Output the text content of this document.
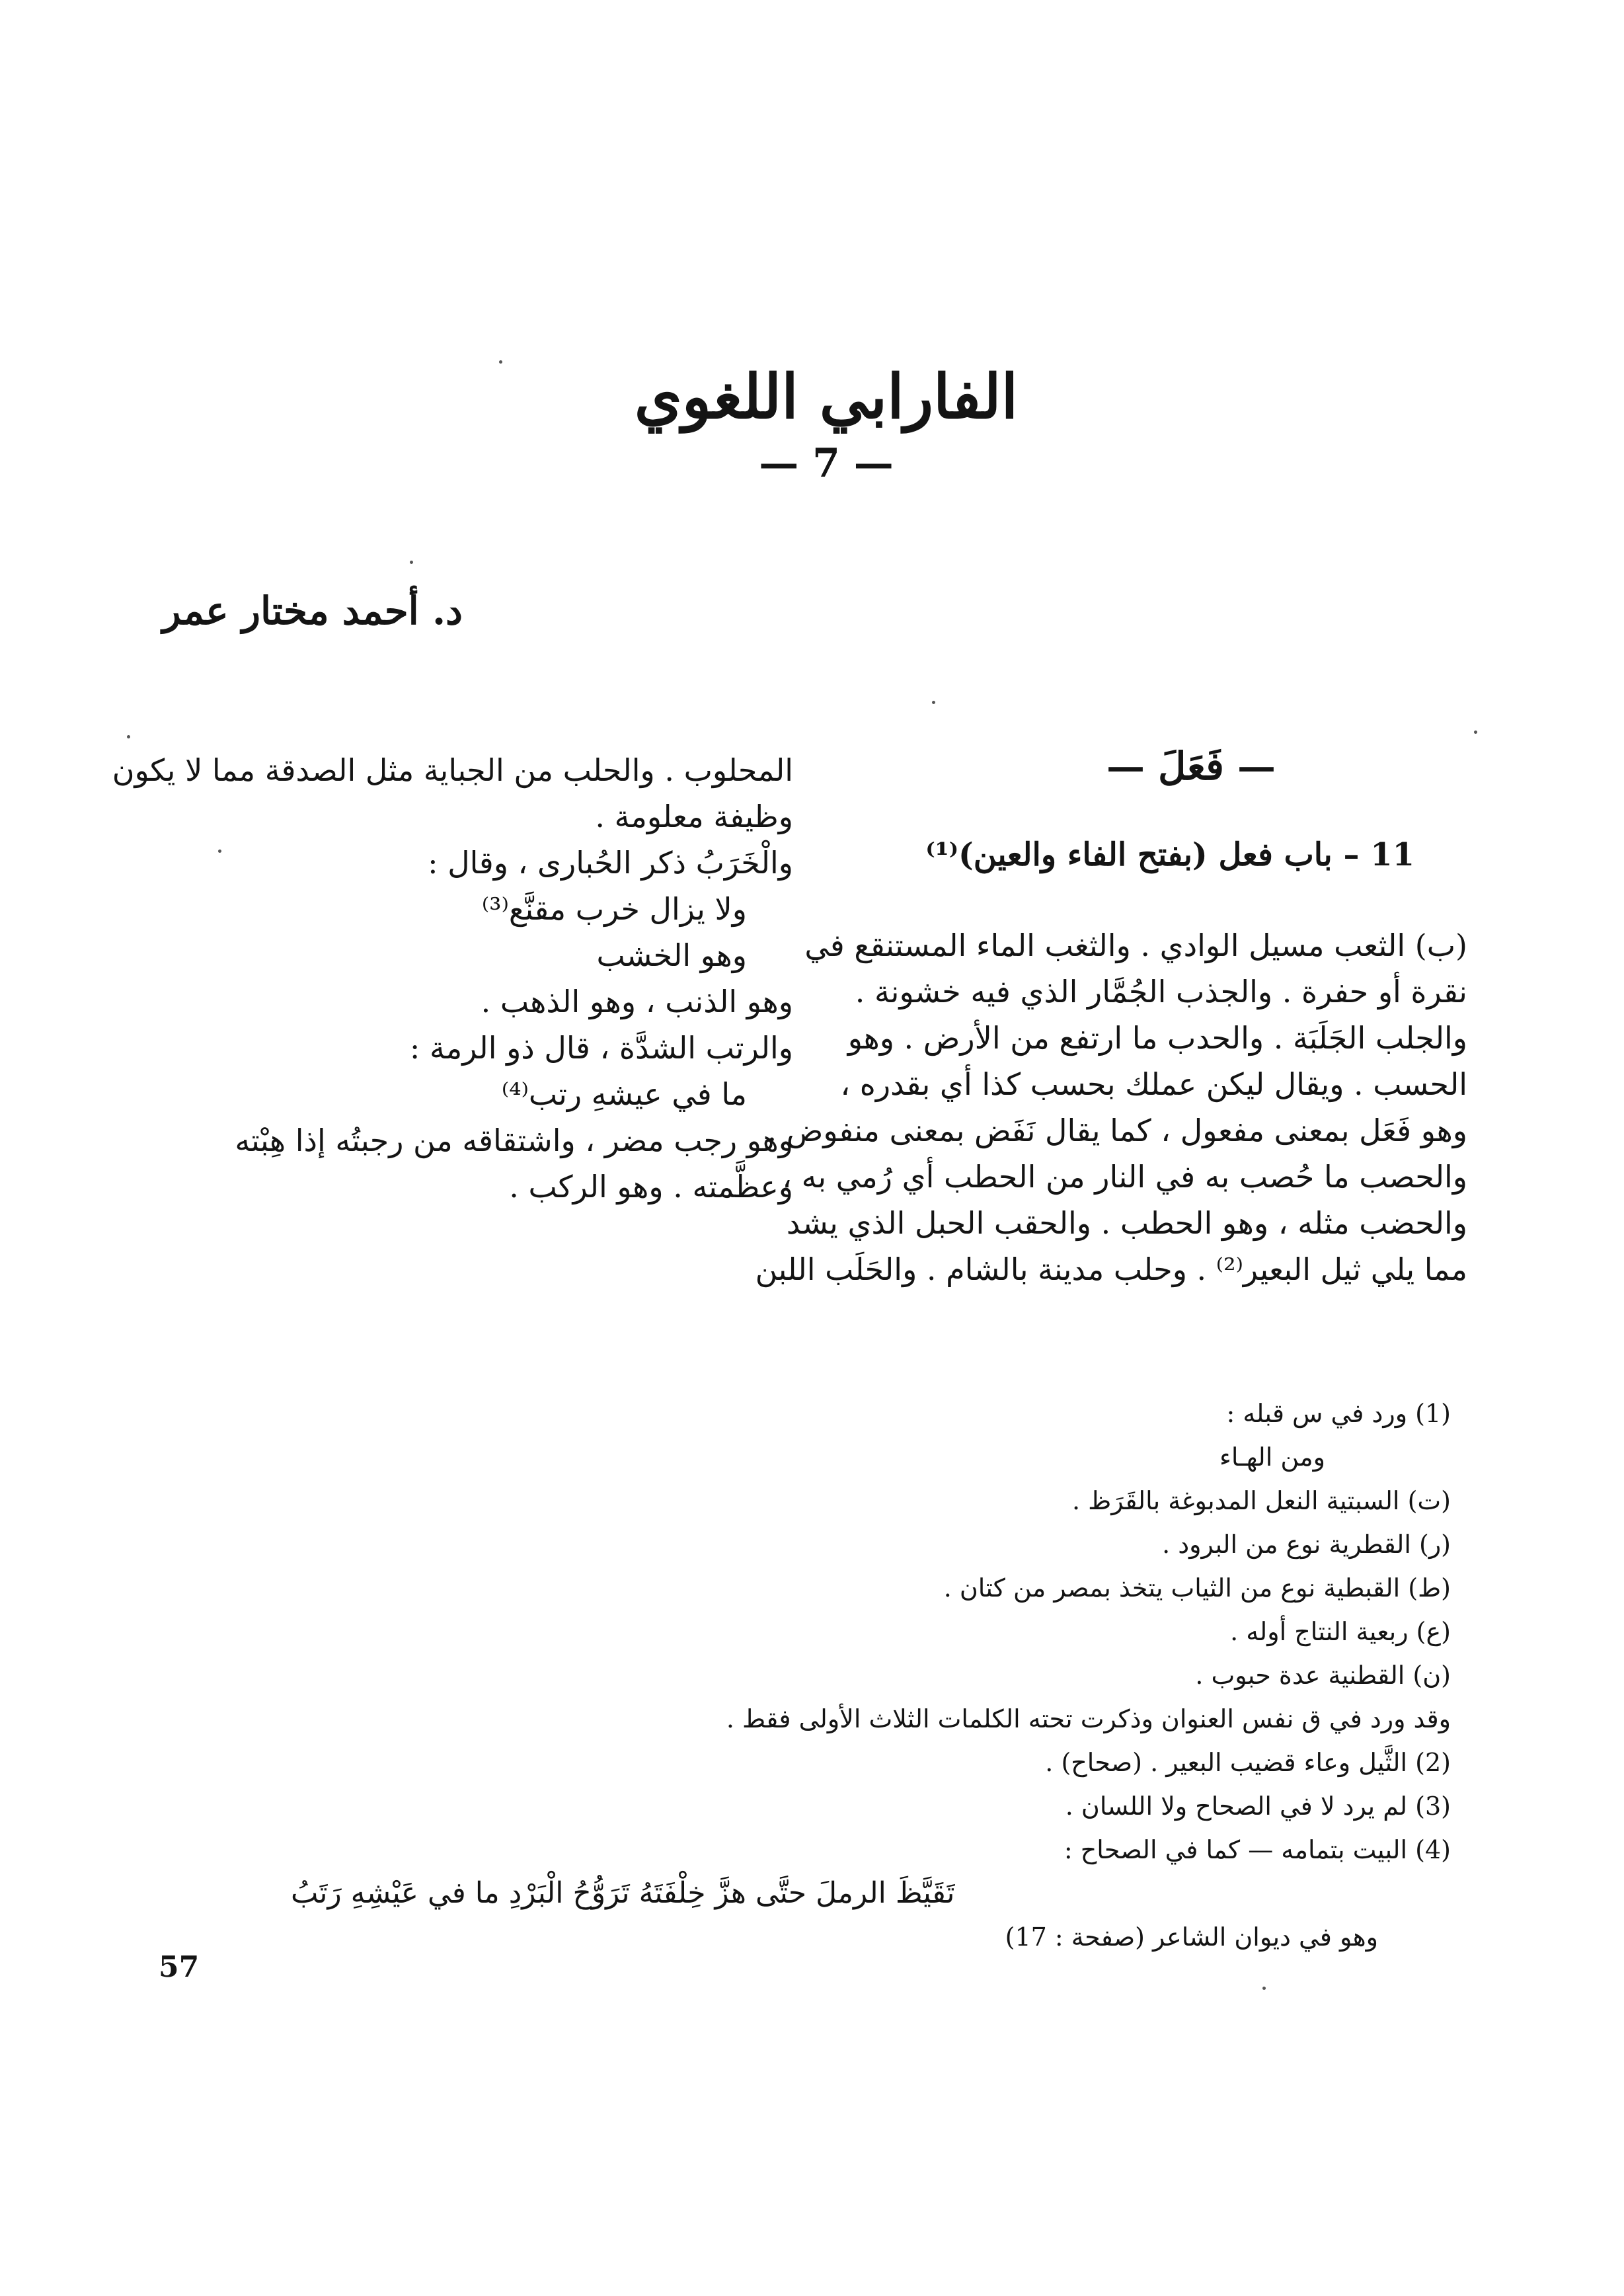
الفارابي اللغوي
— 7 —
د. أحمد مختار عمر

المحلوب . والحلب من الجباية مثل الصدقة مما لا يكون

وظيفة معلومة .

والْخَرَبُ ذكر الحُبارى ، وقال :

ولا يزال خرب مقنَّع⁽³⁾

وهو الخشب

وهو الذنب ، وهو الذهب .

والرتب الشدَّة ، قال ذو الرمة :

ما في عيشهِ رتب⁽⁴⁾

وهو رجب مضر ، واشتقاقه من رجبتُه إذا هِبْته

وعظَّمته . وهو الركب .

— فَعَلَ —
11 – باب فعل (بفتح الفاء والعين)⁽¹⁾

(ب) الثعب مسيل الوادي . والثغب الماء المستنقع في

نقرة أو حفرة . والجذب الجُمَّار الذي فيه خشونة .

والجلب الجَلَبَة . والحدب ما ارتفع من الأرض . وهو

الحسب . ويقال ليكن عملك بحسب كذا أي بقدره ،

وهو فَعَل بمعنى مفعول ، كما يقال نَفَض بمعنى منفوض .

والحصب ما حُصب به في النار من الحطب أي رُمي به ،

والحضب مثله ، وهو الحطب . والحقب الحبل الذي يشد

مما يلي ثيل البعير⁽²⁾ . وحلب مدينة بالشام . والحَلَب اللبن

(1) ورد في س قبله :

ومن الهـاء

(ت) السبتية النعل المدبوغة بالقَرَظ .

(ر) القطرية نوع من البرود .

(ط) القبطية نوع من الثياب يتخذ بمصر من كتان .

(ع) ربعية النتاج أوله .

(ن) القطنية عدة حبوب .

وقد ورد في ق نفس العنوان وذكرت تحته الكلمات الثلاث الأولى فقط .

(2) الثَّيل وعاء قضيب البعير . (صحاح) .

(3) لم يرد لا في الصحاح ولا اللسان .

(4) البيت بتمامه — كما في الصحاح :

تَقَيَّظَ الرملَ حتَّى هزَّ خِلْفَتَهُ تَرَوُّحُ الْبَرْدِ ما في عَيْشِهِ رَتَبُ

وهو في ديوان الشاعر (صفحة : 17)

57
